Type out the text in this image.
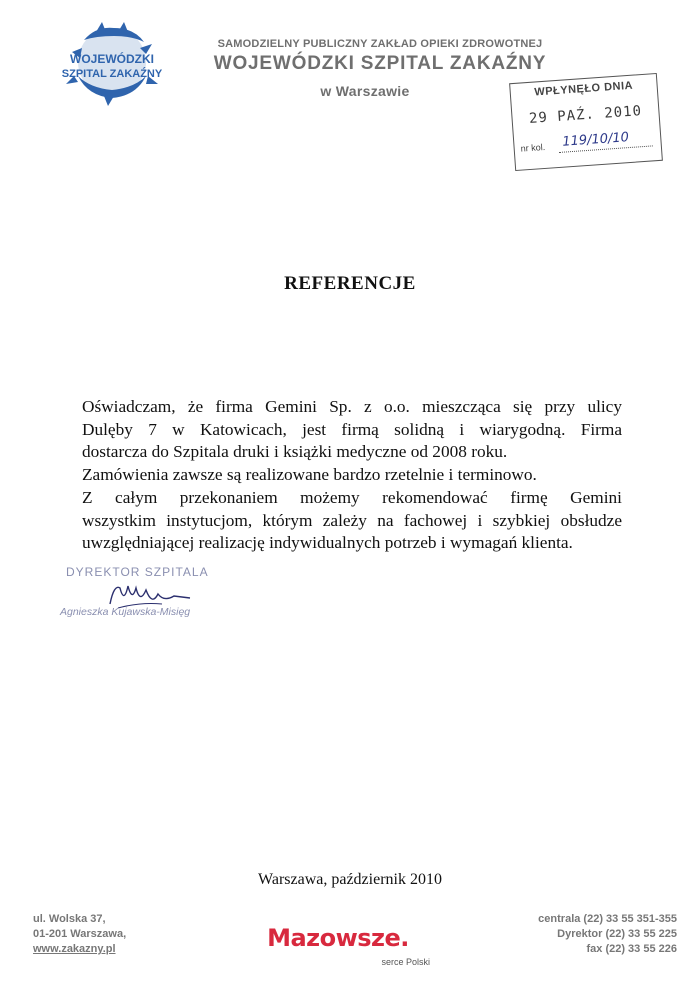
WOJEWÓDZKI
SZPITAL ZAKAŹNY
SAMODZIELNY PUBLICZNY ZAKŁAD OPIEKI ZDROWOTNEJ
WOJEWÓDZKI SZPITAL ZAKAŹNY
w Warszawie	WPŁYNĘŁO DNIA
29 PAŹ. 2010
nr kol. 119/10/10
REFERENCJE
Oświadczam, że firma Gemini Sp. z o.o. mieszcząca się przy ulicy
Dulęby 7 w Katowicach, jest firmą solidną i wiarygodną. Firma
dostarcza do Szpitala druki i książki medyczne od 2008 roku.
Zamówienia zawsze są realizowane bardzo rzetelnie i terminowo.
Z całym przekonaniem możemy rekomendować firmę Gemini
wszystkim instytucjom, którym zależy na fachowej i szybkiej obsłudze
uwzględniającej realizację indywidualnych potrzeb i wymagań klienta.
DYREKTOR SZPITALA
Agnieszka Kujawska-Misięg
Warszawa, październik 2010
ul. Wolska 37,
01-201 Warszawa,
www.zakazny.pl	Mazowsze.
serce Polski
centrala (22) 33 55 351-355
Dyrektor (22) 33 55 225
fax (22) 33 55 226
